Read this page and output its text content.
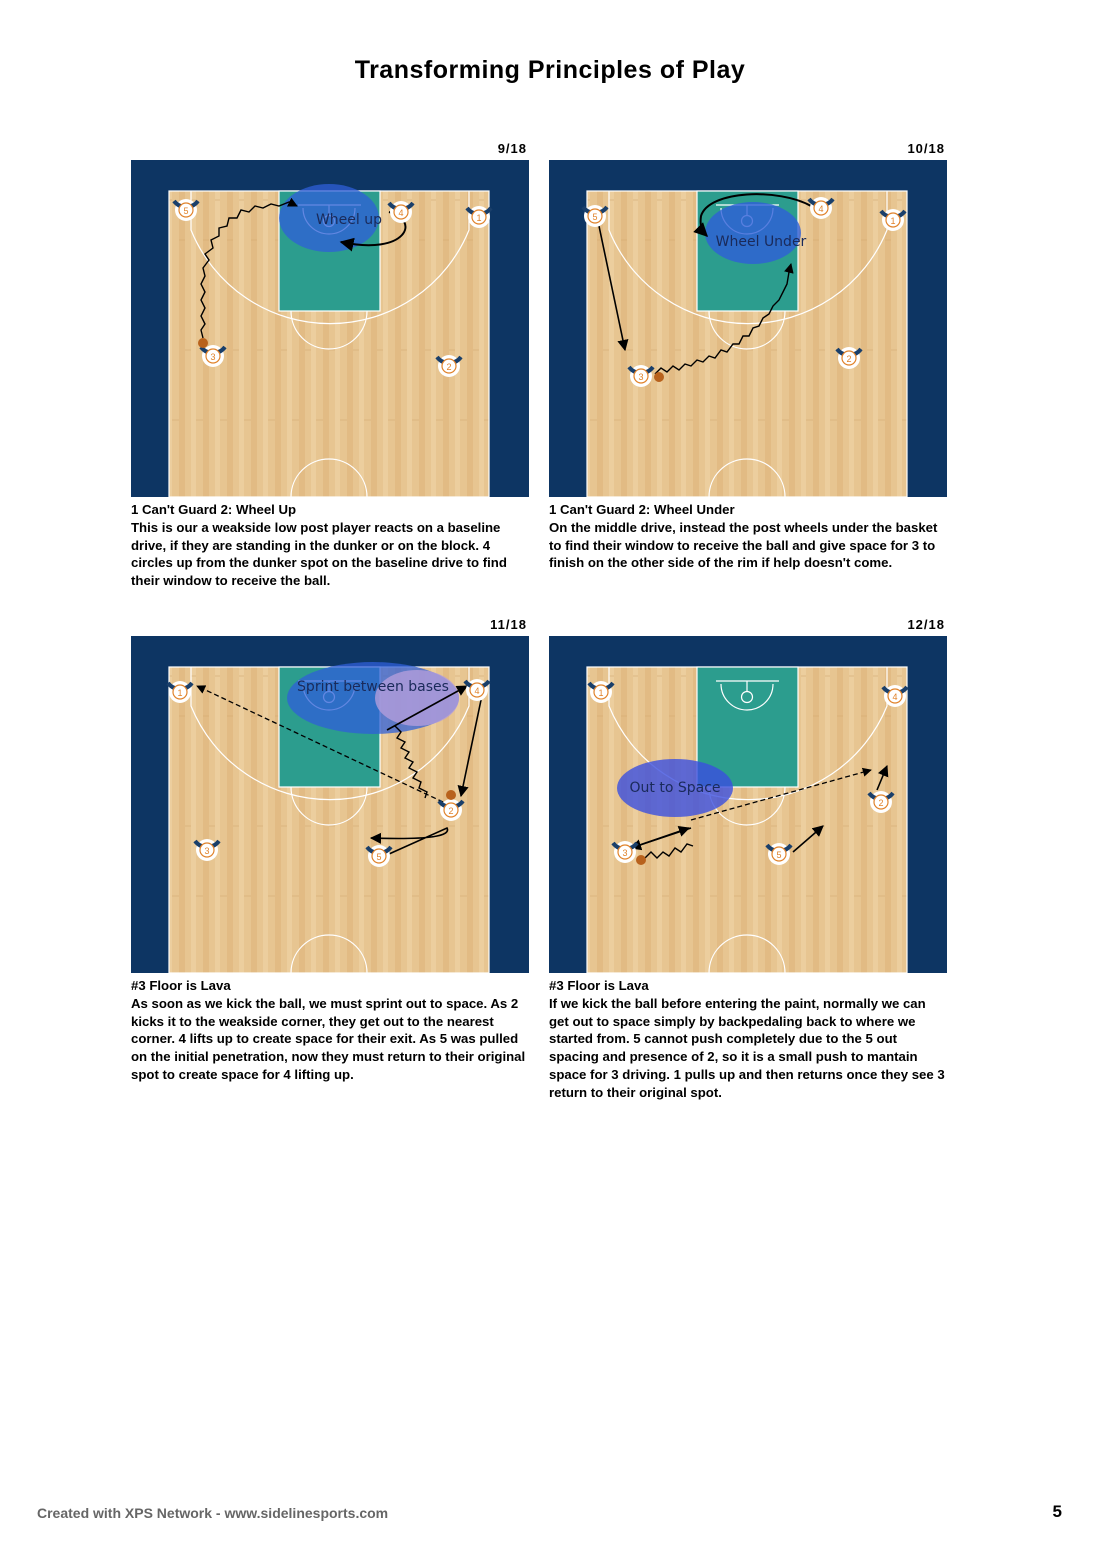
Transforming Principles of Play
9/18	10/18
11/18	12/18
Wheel up
5	4	1
3
2
Wheel Under
5
4
1
3
2
Sprint between bases
1	4
2
3
5
Out to Space
1	4
2
3	5
1 Can't Guard 2: Wheel Up
This is our a weakside low post player reacts on a baseline drive, if they are standing in the dunker or on the block. 4 circles up from the dunker spot on the baseline drive to find their window to receive the ball.
1 Can't Guard 2: Wheel Under
On the middle drive, instead the post wheels under the basket to find their window to receive the ball and give space for 3 to finish on the other side of the rim if help doesn't come.
#3 Floor is Lava
As soon as we kick the ball, we must sprint out to space. As 2 kicks it to the weakside corner, they get out to the nearest corner. 4 lifts up to create space for their exit. As 5 was pulled on the initial penetration, now they must return to their original spot to create space for 4 lifting up.
#3 Floor is Lava
If we kick the ball before entering the paint, normally we can get out to space simply by backpedaling back to where we started from. 5 cannot push completely due to the 5 out spacing and presence of 2, so it is a small push to mantain space for 3 driving. 1 pulls up and then returns once they see 3 return to their original spot.
Created with XPS Network - www.sidelinesports.com	5
